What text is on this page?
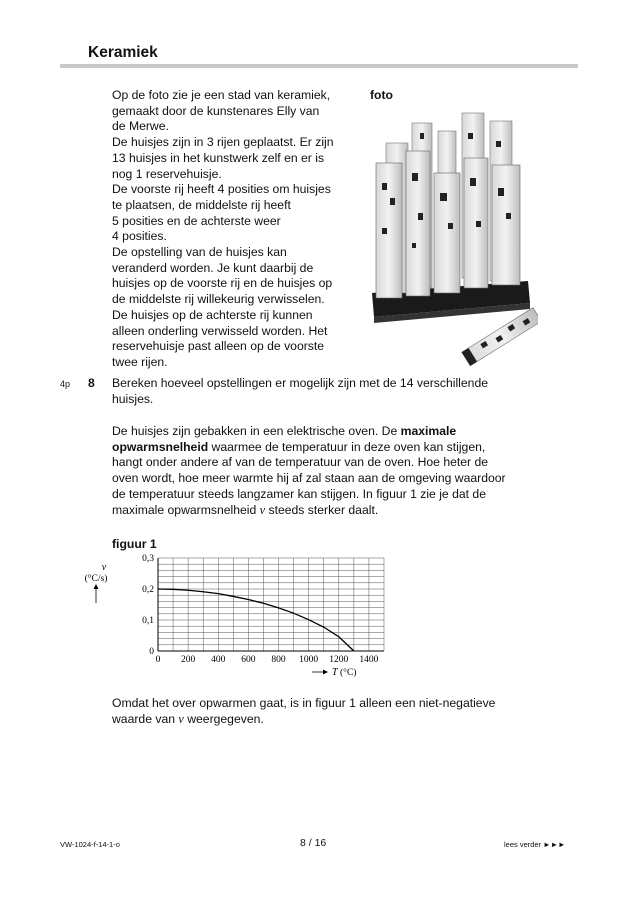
Keramiek
Op de foto zie je een stad van keramiek,
gemaakt door de kunstenares Elly van
de Merwe.
De huisjes zijn in 3 rijen geplaatst. Er zijn
13 huisjes in het kunstwerk zelf en er is
nog 1 reservehuisje.
De voorste rij heeft 4 posities om huisjes
te plaatsen, de middelste rij heeft
5 posities en de achterste weer
4 posities.
De opstelling van de huisjes kan
veranderd worden. Je kunt daarbij de
huisjes op de voorste rij en de huisjes op
de middelste rij willekeurig verwisselen.
De huisjes op de achterste rij kunnen
alleen onderling verwisseld worden. Het
reservehuisje past alleen op de voorste
twee rijen.
foto
4p 8 Bereken hoeveel opstellingen er mogelijk zijn met de 14 verschillende
huisjes.
De huisjes zijn gebakken in een elektrische oven. De maximale
opwarmsnelheid waarmee de temperatuur in deze oven kan stijgen,
hangt onder andere af van de temperatuur van de oven. Hoe heter de
oven wordt, hoe meer warmte hij af zal staan aan de omgeving waardoor
de temperatuur steeds langzamer kan stijgen. In figuur 1 zie je dat de
maximale opwarmsnelheid v steeds sterker daalt.
figuur 1
0 200 400 600 800 1000 1200 1400
0
0,1
0,2
0,3
v
(°C/s)
T (°C)
Omdat het over opwarmen gaat, is in figuur 1 alleen een niet-negatieve
waarde van v weergegeven.
VW-1024-f-14-1-o	8 / 16	lees verder ►►►
